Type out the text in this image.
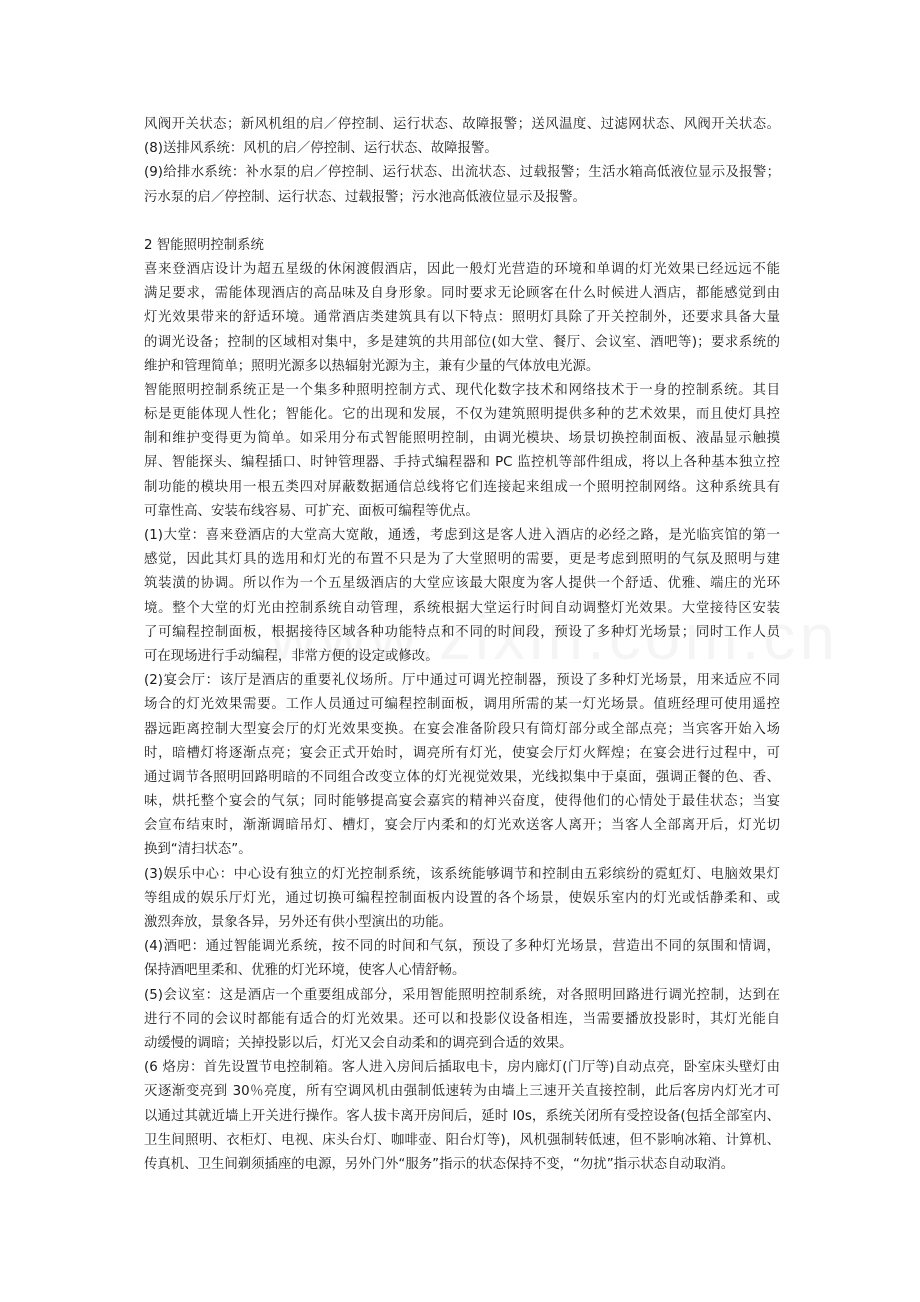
风阀开关状态；新风机组的启／停控制、运行状态、故障报警；送风温度、过滤网状态、风阀开关状态。
(8)送排风系统：风机的启／停控制、运行状态、故障报警。
(9)给排水系统：补水泵的启／停控制、运行状态、出流状态、过载报警；生活水箱高低液位显示及报警；
污水泵的启／停控制、运行状态、过载报警；污水池高低液位显示及报警。
2 智能照明控制系统
喜来登酒店设计为超五星级的休闲渡假酒店，因此一般灯光营造的环境和单调的灯光效果已经远远不能
满足要求，需能体现酒店的高品味及自身形象。同时要求无论顾客在什么时候进人酒店，都能感觉到由
灯光效果带来的舒适环境。通常酒店类建筑具有以下特点：照明灯具除了开关控制外，还要求具备大量
的调光设备；控制的区域相对集中，多是建筑的共用部位(如大堂、餐厅、会议室、酒吧等)；要求系统的
维护和管理简单；照明光源多以热辐射光源为主，兼有少量的气体放电光源。
智能照明控制系统正是一个集多种照明控制方式、现代化数字技术和网络技术于一身的控制系统。其目
标是更能体现人性化；智能化。它的出现和发展，不仅为建筑照明提供多种的艺术效果，而且使灯具控
制和维护变得更为简单。如采用分布式智能照明控制，由调光模块、场景切换控制面板、液晶显示触摸
屏、智能探头、编程插口、时钟管理器、手持式编程器和 PC 监控机等部件组成，将以上各种基本独立控
制功能的模块用一根五类四对屏蔽数据通信总线将它们连接起来组成一个照明控制网络。这种系统具有
可靠性高、安装布线容易、可扩充、面板可编程等优点。
(1)大堂：喜来登酒店的大堂高大宽敞，通透，考虑到这是客人进入酒店的必经之路，是光临宾馆的第一
感觉，因此其灯具的选用和灯光的布置不只是为了大堂照明的需要，更是考虑到照明的气氛及照明与建
筑装潢的协调。所以作为一个五星级酒店的大堂应该最大限度为客人提供一个舒适、优雅、端庄的光环
境。整个大堂的灯光由控制系统自动管理，系统根据大堂运行时间自动调整灯光效果。大堂接待区安装
了可编程控制面板，根据接待区域各种功能特点和不同的时间段，预设了多种灯光场景；同时工作人员
可在现场进行手动编程，非常方便的设定或修改。
(2)宴会厅：该厅是酒店的重要礼仪场所。厅中通过可调光控制器，预设了多种灯光场景，用来适应不同
场合的灯光效果需要。工作人员通过可编程控制面板，调用所需的某一灯光场景。值班经理可使用遥控
器远距离控制大型宴会厅的灯光效果变换。在宴会准备阶段只有筒灯部分或全部点亮；当宾客开始入场
时，暗槽灯将逐渐点亮；宴会正式开始时，调亮所有灯光，使宴会厅灯火辉煌；在宴会进行过程中，可
通过调节各照明回路明暗的不同组合改变立体的灯光视觉效果，光线拟集中于桌面，强调正餐的色、香、
味，烘托整个宴会的气氛；同时能够提高宴会嘉宾的精神兴奋度，使得他们的心情处于最佳状态；当宴
会宣布结束时，渐渐调暗吊灯、槽灯，宴会厅内柔和的灯光欢送客人离开；当客人全部离开后，灯光切
换到“清扫状态”。
(3)娱乐中心：中心设有独立的灯光控制系统，该系统能够调节和控制由五彩缤纷的霓虹灯、电脑效果灯
等组成的娱乐厅灯光，通过切换可编程控制面板内设置的各个场景，使娱乐室内的灯光或恬静柔和、或
激烈奔放，景象各异，另外还有供小型演出的功能。
(4)酒吧：通过智能调光系统，按不同的时间和气氛，预设了多种灯光场景，营造出不同的氛围和情调，
保持酒吧里柔和、优雅的灯光环境，使客人心情舒畅。
(5)会议室：这是酒店一个重要组成部分，采用智能照明控制系统，对各照明回路进行调光控制，达到在
进行不同的会议时都能有适合的灯光效果。还可以和投影仪设备相连，当需要播放投影时，其灯光能自
动缓慢的调暗；关掉投影以后，灯光又会自动柔和的调亮到合适的效果。
(6 烙房：首先设置节电控制箱。客人进入房间后插取电卡，房内廊灯(门厅等)自动点亮，卧室床头壁灯由
灭逐渐变亮到 30％亮度，所有空调风机由强制低速转为由墙上三速开关直接控制，此后客房内灯光才可
以通过其就近墙上开关进行操作。客人拔卡离开房间后，延时 l0s，系统关闭所有受控设备(包括全部室内、
卫生间照明、衣柜灯、电视、床头台灯、咖啡壶、阳台灯等)，风机强制转低速，但不影响冰箱、计算机、
传真机、卫生间剃须插座的电源，另外门外“服务”指示的状态保持不变，“勿扰”指示状态自动取消。
